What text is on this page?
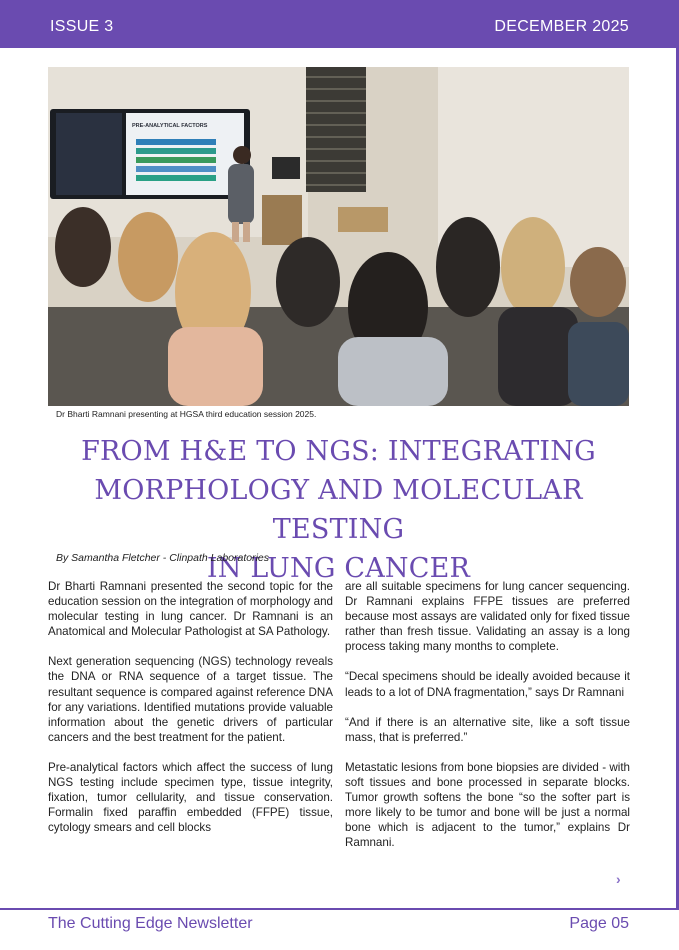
ISSUE 3	DECEMBER 2025
PRE-ANALYTICAL FACTORS
Dr Bharti Ramnani presenting at HGSA third education session 2025.
FROM H&E TO NGS: INTEGRATING
MORPHOLOGY AND MOLECULAR TESTING
IN LUNG CANCER
By Samantha Fletcher - Clinpath Laboratories

Dr Bharti Ramnani presented the second topic for the education session on the integration of morphology and molecular testing in lung cancer. Dr Ramnani is an Anatomical and Molecular Pathologist at SA Pathology.

Next generation sequencing (NGS) technology reveals the DNA or RNA sequence of a target tissue. The resultant sequence is compared against reference DNA for any variations. Identified mutations provide valuable information about the genetic drivers of particular cancers and the best treatment for the patient.

Pre-analytical factors which affect the success of lung NGS testing include specimen type, tissue integrity, fixation, tumor cellularity, and tissue conservation. Formalin fixed paraffin embedded (FFPE) tissue, cytology smears and cell blocks

are all suitable specimens for lung cancer sequencing. Dr Ramnani explains FFPE tissues are preferred because most assays are validated only for fixed tissue rather than fresh tissue. Validating an assay is a long process taking many months to complete.

“Decal specimens should be ideally avoided because it leads to a lot of DNA fragmentation,” says Dr Ramnani

“And if there is an alternative site, like a soft tissue mass, that is preferred.”

Metastatic lesions from bone biopsies are divided - with soft tissues and bone processed in separate blocks. Tumor growth softens the bone “so the softer part is more likely to be tumor and bone will be just a normal bone which is adjacent to the tumor,” explains Dr Ramnani.

›
The Cutting Edge Newsletter	Page 05
